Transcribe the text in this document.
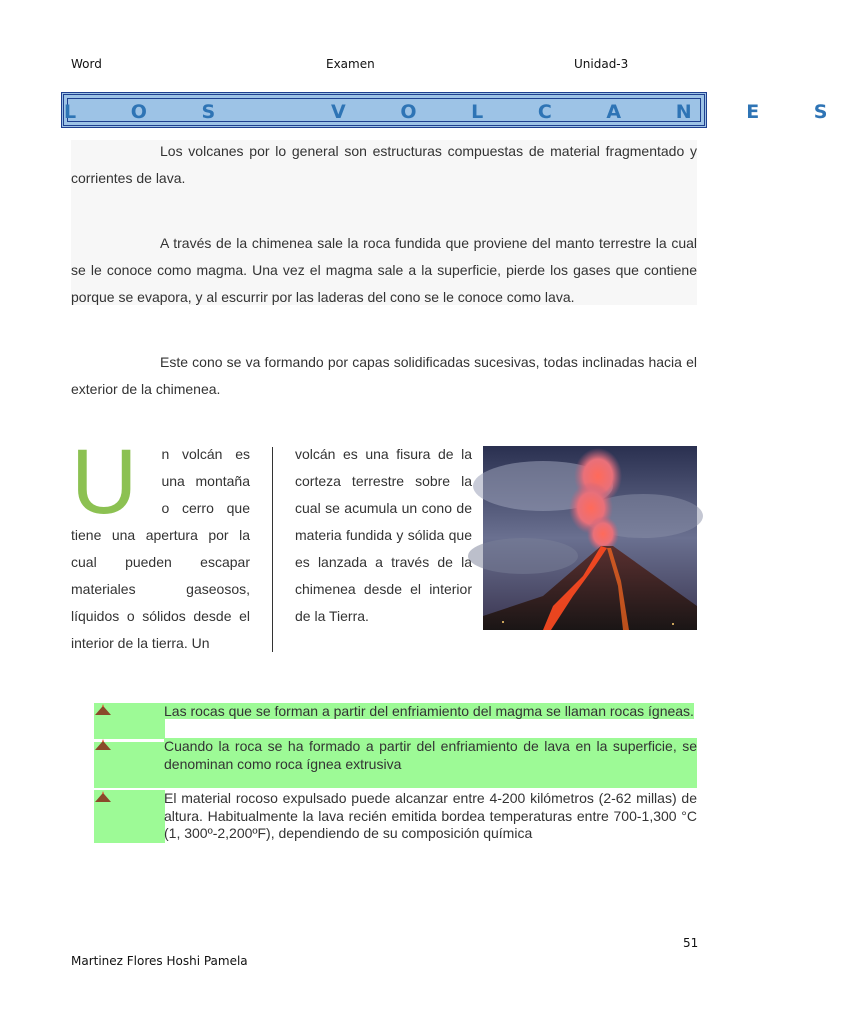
Word	Examen	Unidad-3
L O S   V O L C A N E S
Los volcanes por lo general son estructuras compuestas de material fragmentado y corrientes de lava.
A través de la chimenea sale la roca fundida que proviene del manto terrestre la cual se le conoce como magma. Una vez el magma sale a la superficie, pierde los gases que contiene porque se evapora, y al escurrir por las laderas del cono se le conoce como lava.
Este cono se va formando por capas solidificadas sucesivas, todas inclinadas hacia el exterior de la chimenea.
U n volcán es una montaña o cerro que tiene una apertura por la cual pueden escapar materiales gaseosos, líquidos o sólidos desde el interior de la tierra. Un
volcán es una fisura de la corteza terrestre sobre la cual se acumula un cono de materia fundida y sólida que es lanzada a través de la chimenea desde el interior de la Tierra.
Las rocas que se forman a partir del enfriamiento del magma se llaman rocas ígneas.
Cuando la roca se ha formado a partir del enfriamiento de lava en la superficie, se denominan como roca ígnea extrusiva
El material rocoso expulsado puede alcanzar entre 4-200 kilómetros (2-62 millas) de altura. Habitualmente la lava recién emitida bordea temperaturas entre 700-1,300 °C (1, 300º-2,200ºF), dependiendo de su composición química
51
Martinez Flores Hoshi Pamela
